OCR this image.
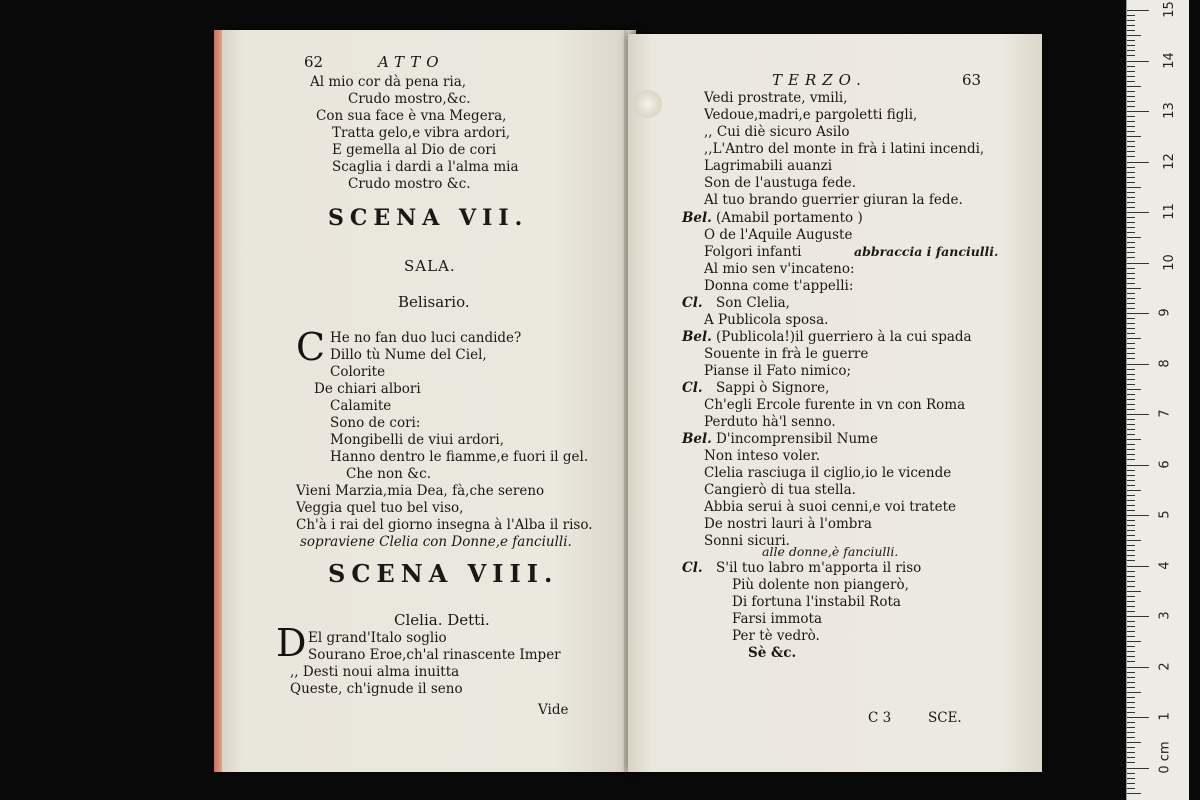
62	ATTO
Al mio cor dà pena ria,
Crudo mostro,&c.
Con sua face è vna Megera,
Tratta gelo,e vibra ardori,
E gemella al Dio de cori
Scaglia i dardi a l'alma mia
Crudo mostro &c.
SCENA VII.
SALA.
Belisario.
C He no fan duo luci candide?
Dillo tù Nume del Ciel,
Colorite
De chiari albori
Calamite
Sono de cori:
Mongibelli de viui ardori,
Hanno dentro le fiamme,e fuori il gel.
Che non &c.
Vieni Marzia,mia Dea, fà,che sereno
Veggia quel tuo bel viso,
Ch'à i rai del giorno insegna à l'Alba il riso.
sopraviene Clelia con Donne,e fanciulli.
SCENA VIII.
Clelia. Detti.
D El grand'Italo soglio
Sourano Eroe,ch'al rinascente Imper
,, Desti noui alma inuitta
Queste, ch'ignude il seno
Vide
TERZO.	63
Vedi prostrate, vmili,
Vedoue,madri,e pargoletti figli,
,, Cui diè sicuro Asilo
,,L'Antro del monte in frà i latini incendi,
Lagrimabili auanzi
Son de l'austuga fede.
Al tuo brando guerrier giuran la fede.
Bel. (Amabil portamento )
O de l'Aquile Auguste
Folgori infanti
Al mio sen v'incateno:
Donna come t'appelli:
Cl. Son Clelia,
A Publicola sposa.
Bel. (Publicola!)il guerriero à la cui spada
Souente in frà le guerre
Pianse il Fato nimico;
Cl. Sappi ò Signore,
Ch'egli Ercole furente in vn con Roma
Perduto hà'l senno.
Bel. D'incomprensibil Nume
Non inteso voler.
Clelia rasciuga il ciglio,io le vicende
Cangierò di tua stella.
Abbia serui à suoi cenni,e voi tratete
De nostri lauri à l'ombra
Sonni sicuri.
abbraccia i fanciulli.
alle donne,è fanciulli.
Cl. S'il tuo labro m'apporta il riso
Più dolente non piangerò,
Di fortuna l'instabil Rota
Farsi immota
Per tè vedrò.
Sè &c.
C 3	SCE.
15
14
13
12
11
10
9
8
7
6
5
4
3
2
1
0 cm
